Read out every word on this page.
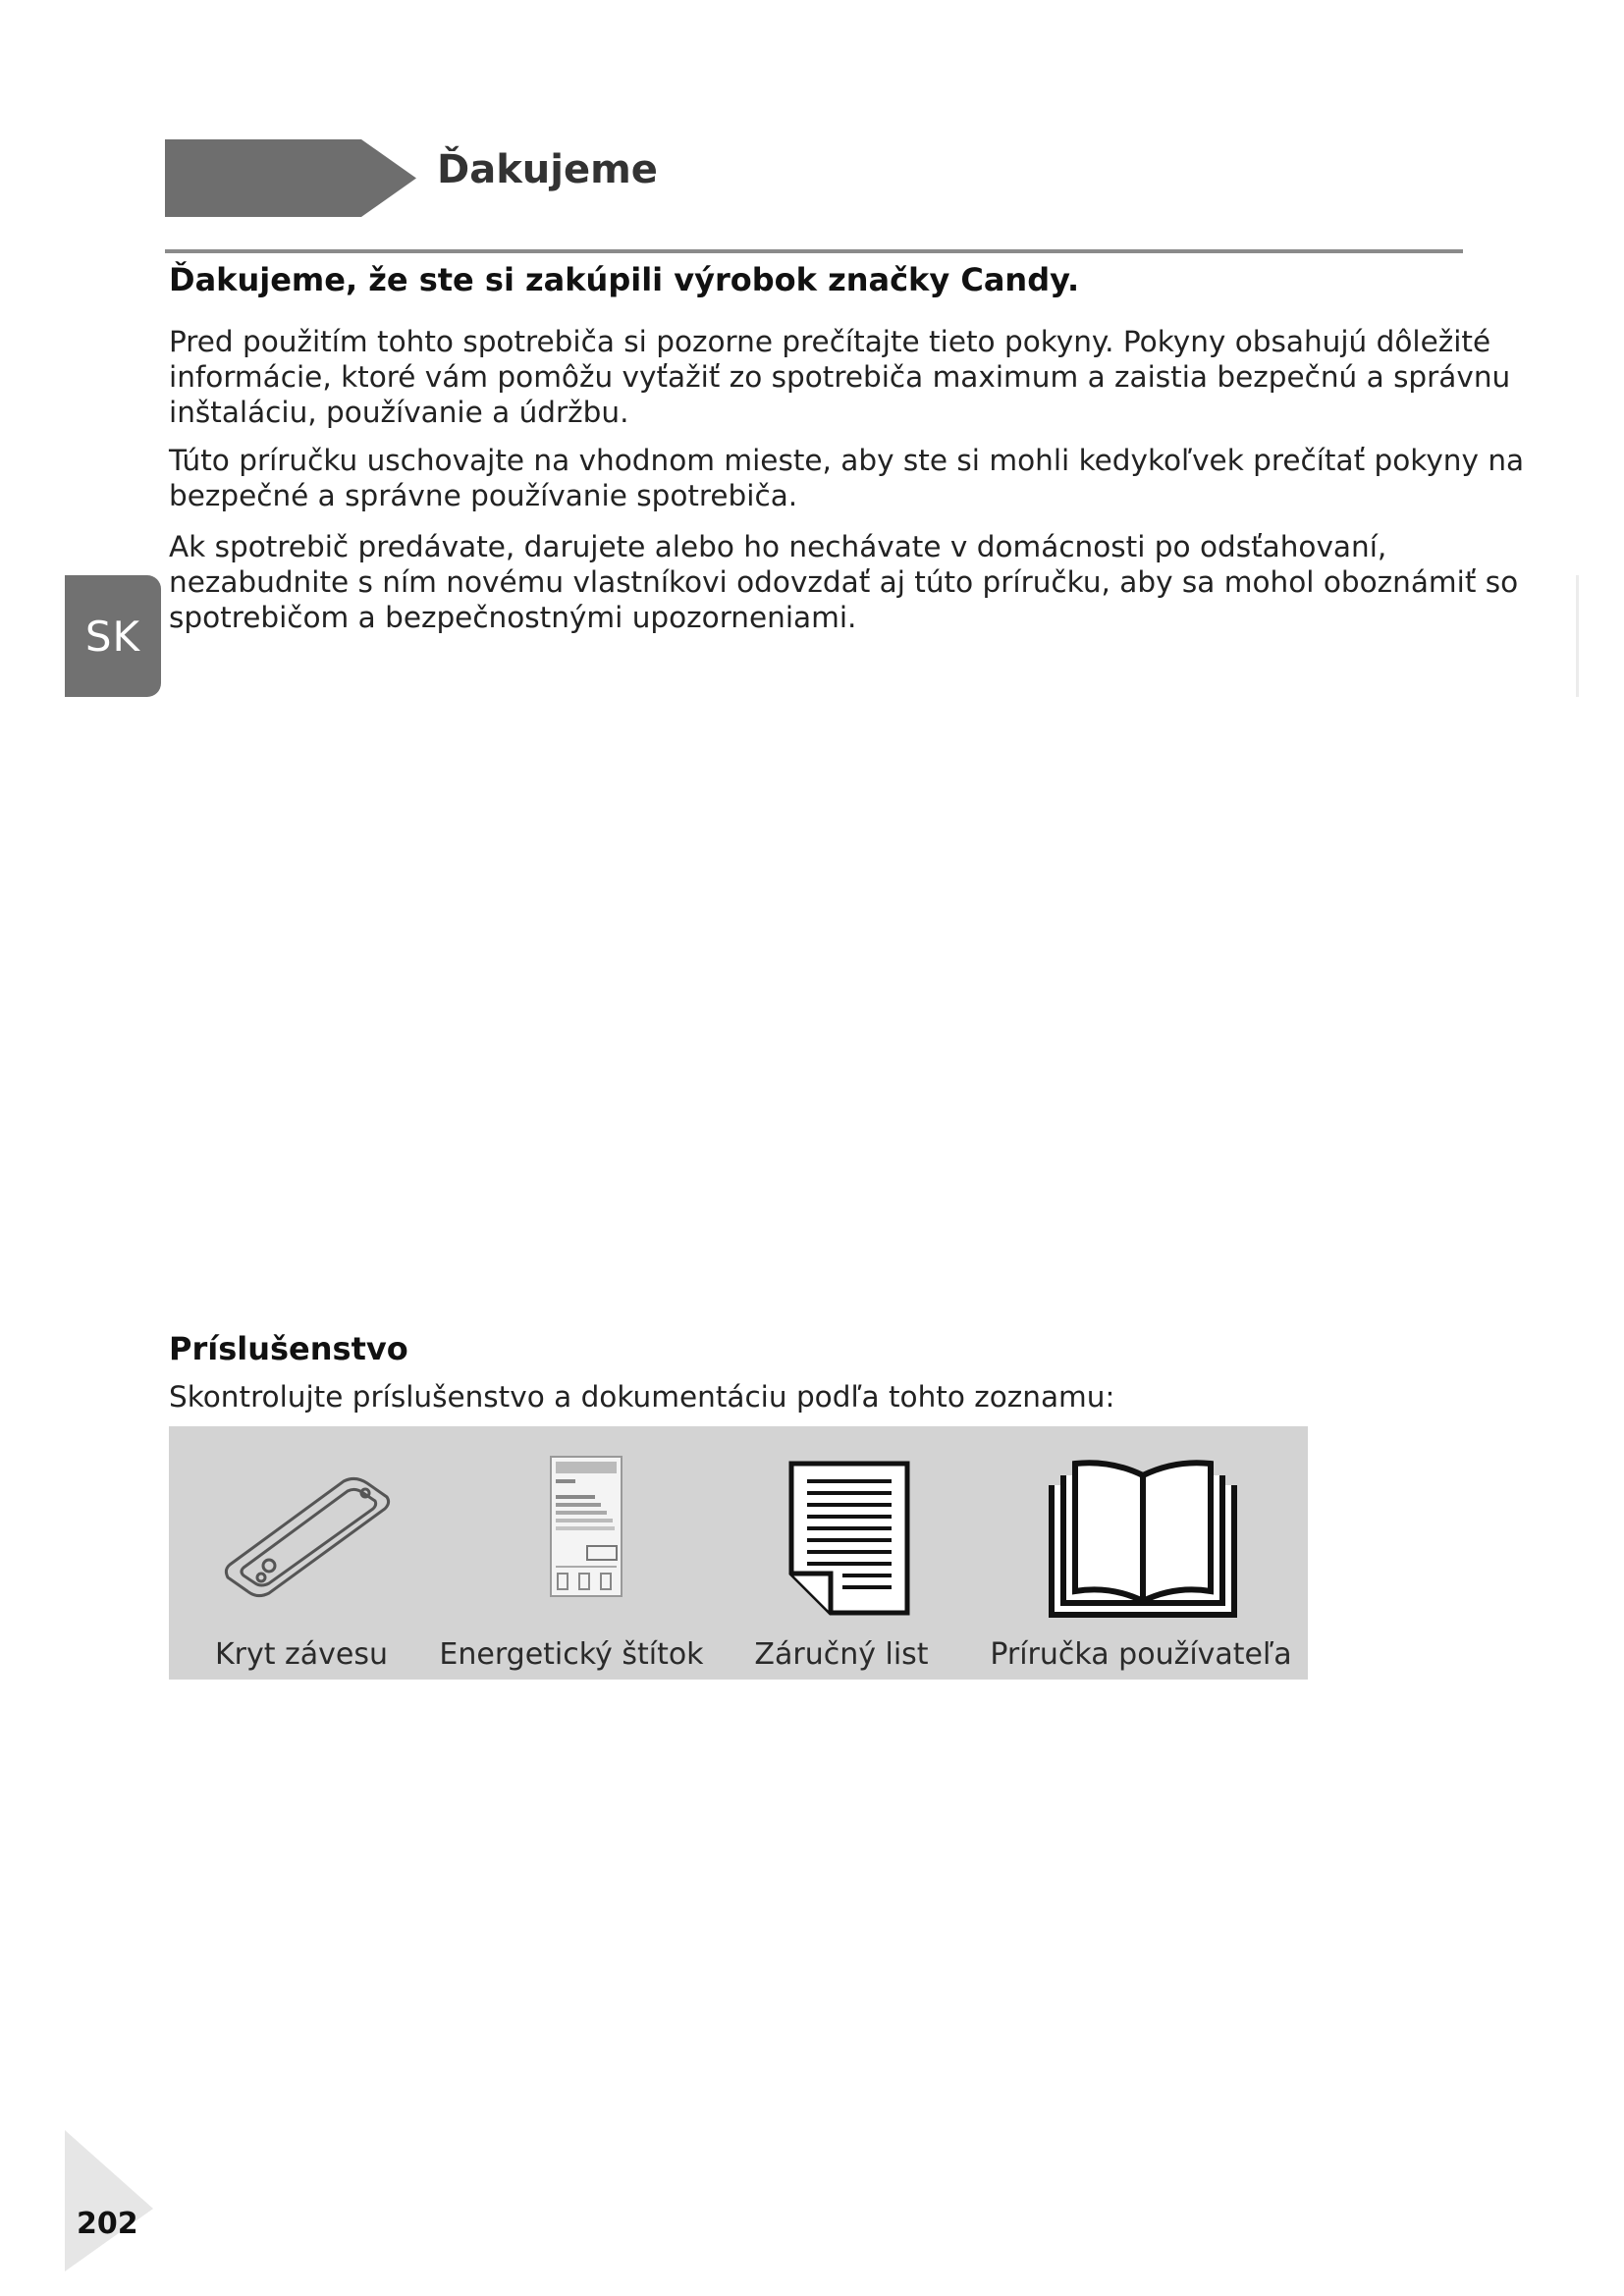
Ďakujeme
Ďakujeme, že ste si zakúpili výrobok značky Candy.

Pred použitím tohto spotrebiča si pozorne prečítajte tieto pokyny. Pokyny obsahujú dôležité informácie, ktoré vám pomôžu vyťažiť zo spotrebiča maximum a zaistia bezpečnú a správnu inštaláciu, používanie a údržbu.

Túto príručku uschovajte na vhodnom mieste, aby ste si mohli kedykoľvek prečítať pokyny na bezpečné a správne používanie spotrebiča.

Ak spotrebič predávate, darujete alebo ho nechávate v domácnosti po odsťahovaní, nezabudnite s ním novému vlastníkovi odovzdať aj túto príručku, aby sa mohol oboznámiť so spotrebičom a bezpečnostnými upozorneniami.

SK
Príslušenstvo
Skontrolujte príslušenstvo a dokumentáciu podľa tohto zoznamu:
Kryt závesu	Energetický štítok	Záručný list	Príručka používateľa
202
